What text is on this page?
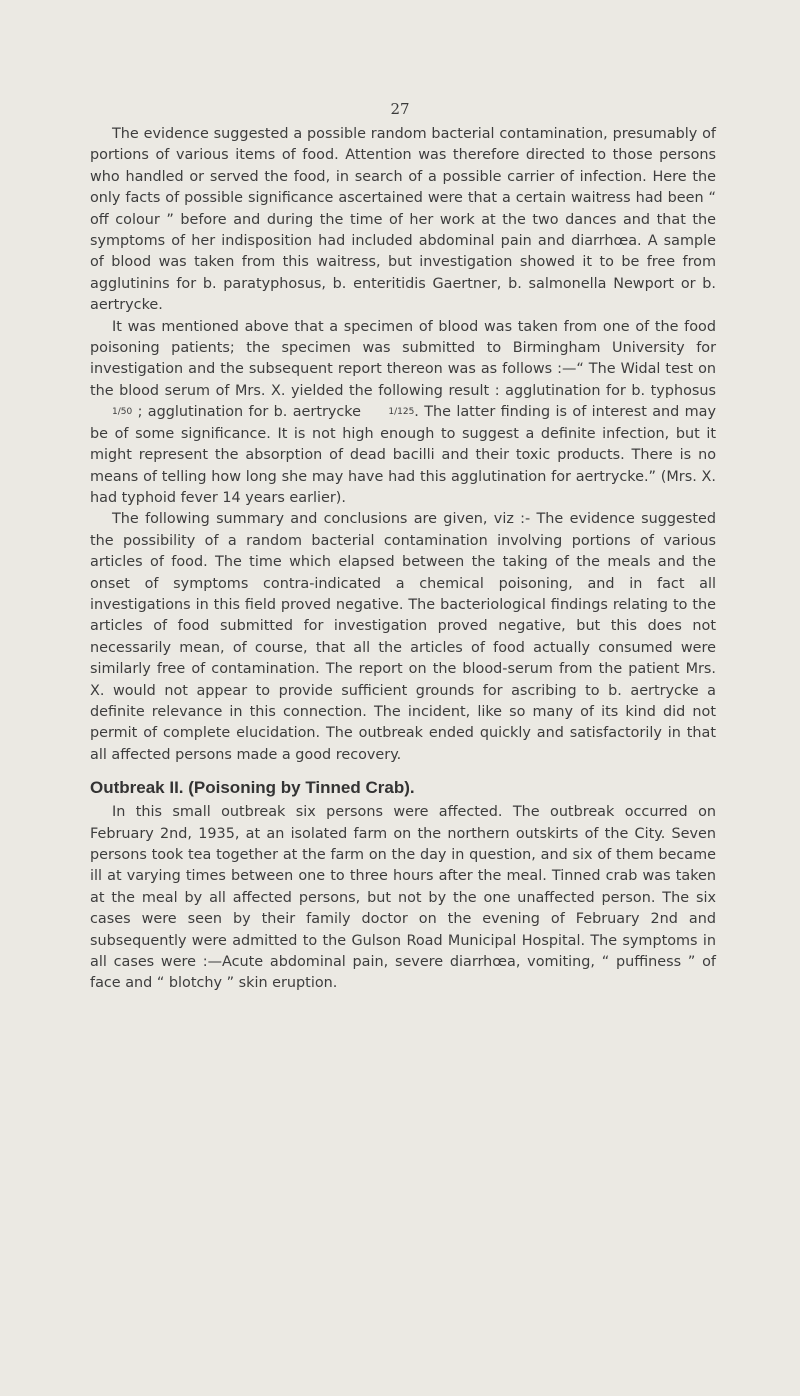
27

The evidence suggested a possible random bacterial contamination, presumably of portions of various items of food. Attention was therefore directed to those persons who handled or served the food, in search of a possible carrier of infection. Here the only facts of possible significance ascertained were that a certain waitress had been “ off colour ” before and during the time of her work at the two dances and that the symptoms of her indisposition had included abdominal pain and diarrhœa. A sample of blood was taken from this waitress, but investigation showed it to be free from agglutinins for b. paratyphosus, b. enteritidis Gaertner, b. salmonella Newport or b. aertrycke.

It was mentioned above that a specimen of blood was taken from one of the food poisoning patients; the specimen was submitted to Birmingham University for investigation and the subsequent report thereon was as follows :—“ The Widal test on the blood serum of Mrs. X. yielded the following result : agglutination for b. typhosus 1/50 ; agglutination for b. aertrycke 1/125. The latter finding is of interest and may be of some significance. It is not high enough to suggest a definite infection, but it might represent the absorption of dead bacilli and their toxic products. There is no means of telling how long she may have had this agglutination for aertrycke.” (Mrs. X. had typhoid fever 14 years earlier).

The following summary and conclusions are given, viz :- The evidence suggested the possibility of a random bacterial contamination involving portions of various articles of food. The time which elapsed between the taking of the meals and the onset of symptoms contra-indicated a chemical poisoning, and in fact all investigations in this field proved negative. The bacteriological findings relating to the articles of food submitted for investigation proved negative, but this does not necessarily mean, of course, that all the articles of food actually consumed were similarly free of contamination. The report on the blood-serum from the patient Mrs. X. would not appear to provide sufficient grounds for ascribing to b. aertrycke a definite relevance in this connection. The incident, like so many of its kind did not permit of complete elucidation. The outbreak ended quickly and satisfactorily in that all affected persons made a good recovery.

Outbreak II. (Poisoning by Tinned Crab).

In this small outbreak six persons were affected. The outbreak occurred on February 2nd, 1935, at an isolated farm on the northern outskirts of the City. Seven persons took tea together at the farm on the day in question, and six of them became ill at varying times between one to three hours after the meal. Tinned crab was taken at the meal by all affected persons, but not by the one unaffected person. The six cases were seen by their family doctor on the evening of February 2nd and subsequently were admitted to the Gulson Road Municipal Hospital. The symptoms in all cases were :—Acute abdominal pain, severe diarrhœa, vomiting, “ puffiness ” of face and “ blotchy ” skin eruption.
